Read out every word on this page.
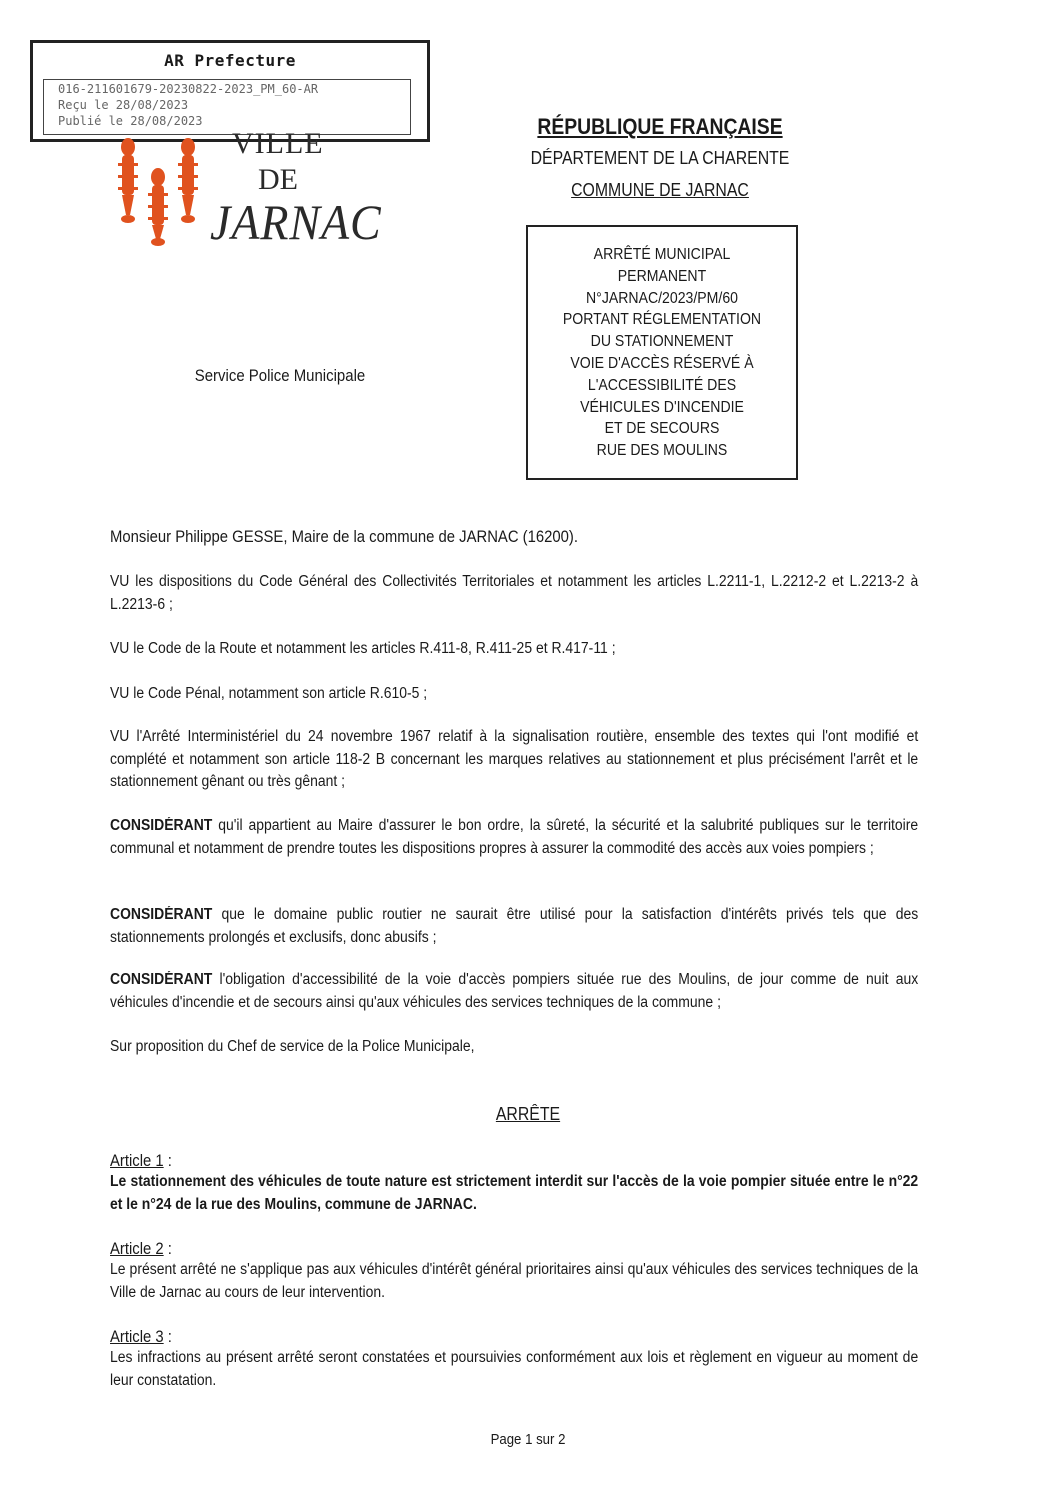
AR Prefecture
016-211601679-20230822-2023_PM_60-AR
Reçu le 28/08/2023
Publié le 28/08/2023
VILLE
DE
JARNAC
RÉPUBLIQUE FRANÇAISE
DÉPARTEMENT DE LA CHARENTE
COMMUNE DE JARNAC
ARRÊTÉ MUNICIPAL
PERMANENT
N°JARNAC/2023/PM/60
PORTANT RÉGLEMENTATION
DU STATIONNEMENT
VOIE D'ACCÈS RÉSERVÉ À
L'ACCESSIBILITÉ DES
VÉHICULES D'INCENDIE
ET DE SECOURS
RUE DES MOULINS
Service Police Municipale
Monsieur Philippe GESSE, Maire de la commune de JARNAC (16200).
VU les dispositions du Code Général des Collectivités Territoriales et notamment les articles L.2211-1, L.2212-2 et L.2213-2 à L.2213-6 ;
VU le Code de la Route et notamment les articles R.411-8, R.411-25 et R.417-11 ;
VU le Code Pénal, notamment son article R.610-5 ;
VU l'Arrêté Interministériel du 24 novembre 1967 relatif à la signalisation routière, ensemble des textes qui l'ont modifié et complété et notamment son article 118-2 B concernant les marques relatives au stationnement et plus précisément l'arrêt et le stationnement gênant ou très gênant ;
CONSIDÉRANT qu'il appartient au Maire d'assurer le bon ordre, la sûreté, la sécurité et la salubrité publiques sur le territoire communal et notamment de prendre toutes les dispositions propres à assurer la commodité des accès aux voies pompiers ;
CONSIDÉRANT que le domaine public routier ne saurait être utilisé pour la satisfaction d'intérêts privés tels que des stationnements prolongés et exclusifs, donc abusifs ;
CONSIDÉRANT l'obligation d'accessibilité de la voie d'accès pompiers située rue des Moulins, de jour comme de nuit aux véhicules d'incendie et de secours ainsi qu'aux véhicules des services techniques de la commune ;
Sur proposition du Chef de service de la Police Municipale,
ARRÊTE
Article 1 :
Le stationnement des véhicules de toute nature est strictement interdit sur l'accès de la voie pompier située entre le n°22 et le n°24 de la rue des Moulins, commune de JARNAC.
Article 2 :
Le présent arrêté ne s'applique pas aux véhicules d'intérêt général prioritaires ainsi qu'aux véhicules des services techniques de la Ville de Jarnac au cours de leur intervention.
Article 3 :
Les infractions au présent arrêté seront constatées et poursuivies conformément aux lois et règlement en vigueur au moment de leur constatation.
Page 1 sur 2
